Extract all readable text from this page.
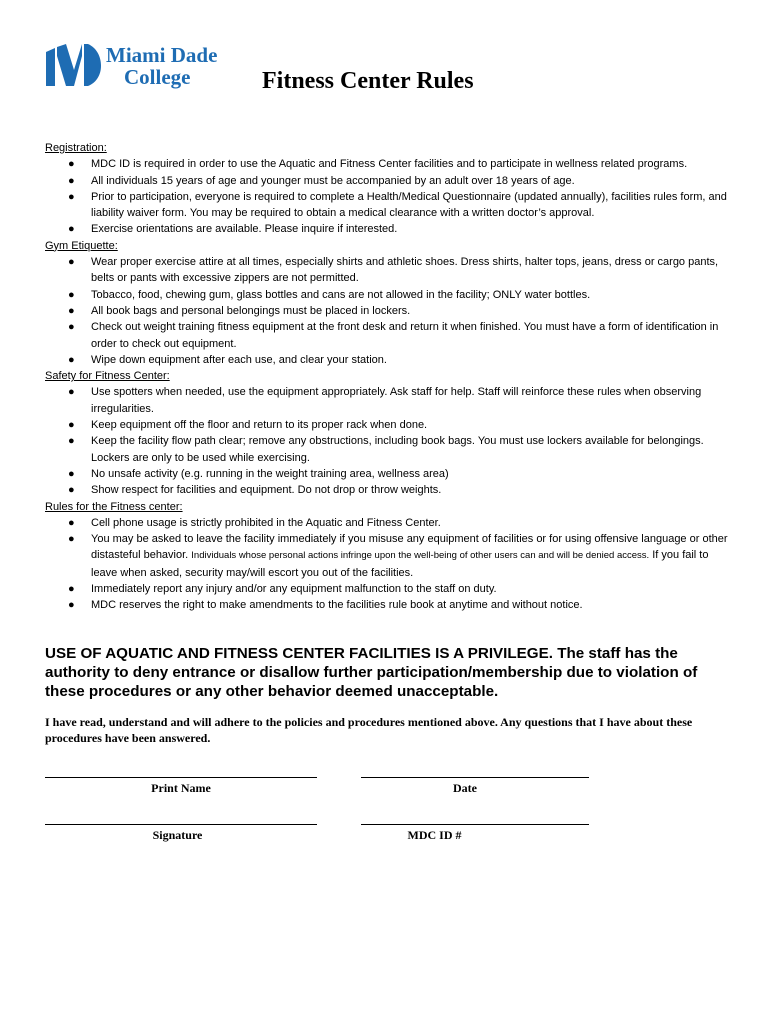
Miami Dade
College	Fitness Center Rules
Registration:
● MDC ID is required in order to use the Aquatic and Fitness Center facilities and to participate in wellness related programs.
● All individuals 15 years of age and younger must be accompanied by an adult over 18 years of age.
● Prior to participation, everyone is required to complete a Health/Medical Questionnaire (updated annually), facilities rules form, and liability waiver form. You may be required to obtain a medical clearance with a written doctor’s approval.
● Exercise orientations are available. Please inquire if interested.
Gym Etiquette:
● Wear proper exercise attire at all times, especially shirts and athletic shoes. Dress shirts, halter tops, jeans, dress or cargo pants, belts or pants with excessive zippers are not permitted.
● Tobacco, food, chewing gum, glass bottles and cans are not allowed in the facility; ONLY water bottles.
● All book bags and personal belongings must be placed in lockers.
● Check out weight training fitness equipment at the front desk and return it when finished. You must have a form of identification in order to check out equipment.
● Wipe down equipment after each use, and clear your station.
Safety for Fitness Center:
● Use spotters when needed, use the equipment appropriately. Ask staff for help. Staff will reinforce these rules when observing irregularities.
● Keep equipment off the floor and return to its proper rack when done.
● Keep the facility flow path clear; remove any obstructions, including book bags. You must use lockers available for belongings. Lockers are only to be used while exercising.
● No unsafe activity (e.g. running in the weight training area, wellness area)
● Show respect for facilities and equipment. Do not drop or throw weights.
Rules for the Fitness center:
● Cell phone usage is strictly prohibited in the Aquatic and Fitness Center.
● You may be asked to leave the facility immediately if you misuse any equipment of facilities or for using offensive language or other distasteful behavior. Individuals whose personal actions infringe upon the well-being of other users can and will be denied access. If you fail to leave when asked, security may/will escort you out of the facilities.
● Immediately report any injury and/or any equipment malfunction to the staff on duty.
● MDC reserves the right to make amendments to the facilities rule book at anytime and without notice.

USE OF AQUATIC AND FITNESS CENTER FACILITIES IS A PRIVILEGE. The staff has the authority to deny entrance or disallow further participation/membership due to violation of these procedures or any other behavior deemed unacceptable.

I have read, understand and will adhere to the policies and procedures mentioned above. Any questions that I have about these procedures have been answered.

Print Name	Date
Signature	MDC ID #
